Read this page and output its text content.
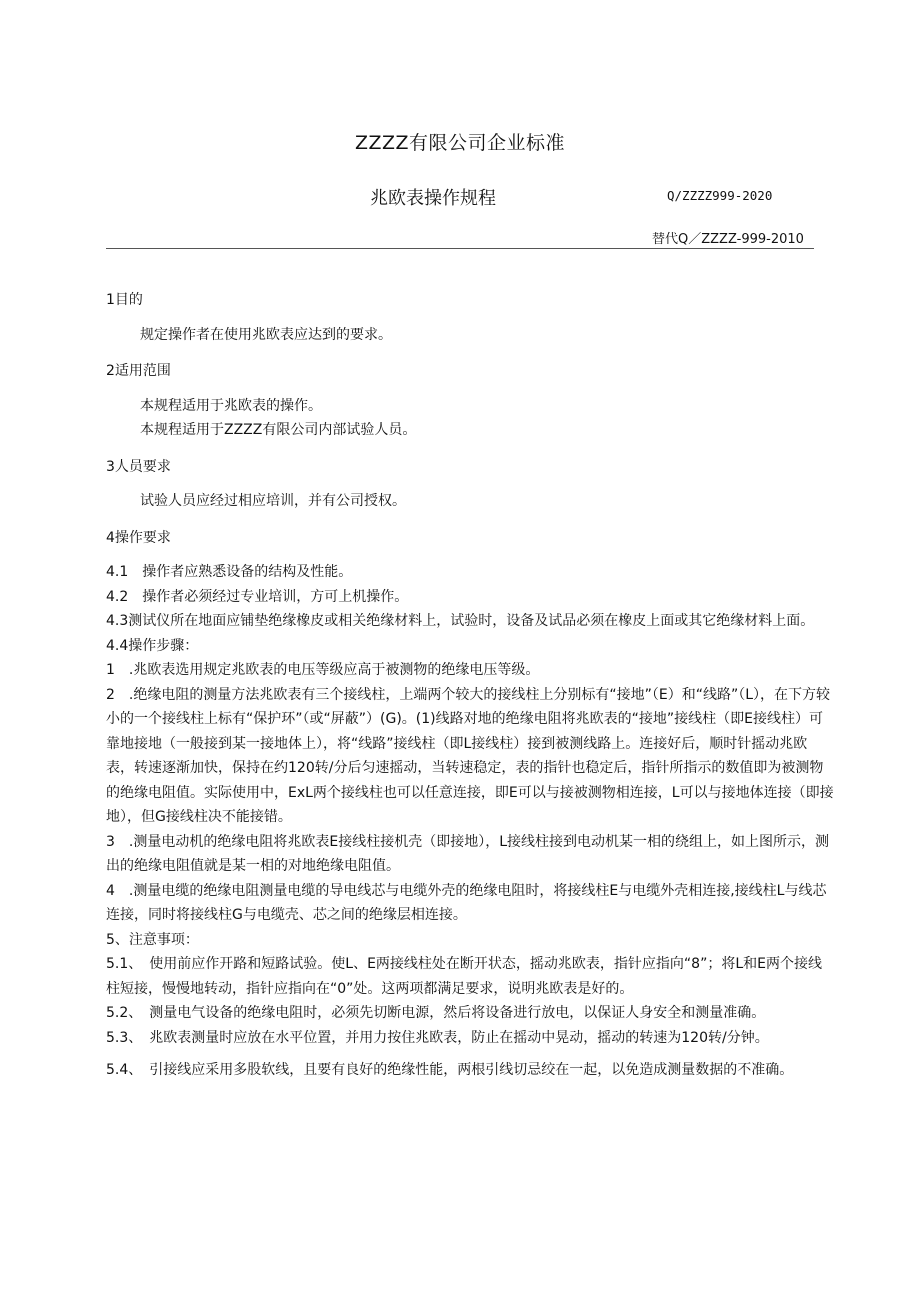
ZZZZ有限公司企业标准
兆欧表操作规程	Q/ZZZZ999-2020
替代Q／ZZZZ-999-2010

1目的

规定操作者在使用兆欧表应达到的要求。

2适用范围

本规程适用于兆欧表的操作。

本规程适用于ZZZZ有限公司内部试验人员。

3人员要求

试验人员应经过相应培训，并有公司授权。

4操作要求

4.1　操作者应熟悉设备的结构及性能。

4.2　操作者必须经过专业培训，方可上机操作。

4.3测试仪所在地面应铺垫绝缘橡皮或相关绝缘材料上，试验时，设备及试品必须在橡皮上面或其它绝缘材料上面。

4.4操作步骤：

1　.兆欧表选用规定兆欧表的电压等级应高于被测物的绝缘电压等级。

2　.绝缘电阻的测量方法兆欧表有三个接线柱，上端两个较大的接线柱上分别标有“接地”（E）和“线路”（L），在下方较小的一个接线柱上标有“保护环”（或“屏蔽”）(G)。(1)线路对地的绝缘电阻将兆欧表的“接地”接线柱（即E接线柱）可靠地接地（一般接到某一接地体上），将“线路”接线柱（即L接线柱）接到被测线路上。连接好后，顺时针摇动兆欧表，转速逐渐加快，保持在约120转/分后匀速摇动，当转速稳定，表的指针也稳定后，指针所指示的数值即为被测物的绝缘电阻值。实际使用中，ExL两个接线柱也可以任意连接，即E可以与接被测物相连接，L可以与接地体连接（即接地），但G接线柱决不能接错。

3　.测量电动机的绝缘电阻将兆欧表E接线柱接机壳（即接地），L接线柱接到电动机某一相的绕组上，如上图所示，测出的绝缘电阻值就是某一相的对地绝缘电阻值。

4　.测量电缆的绝缘电阻测量电缆的导电线芯与电缆外壳的绝缘电阻时，将接线柱E与电缆外壳相连接,接线柱L与线芯连接，同时将接线柱G与电缆壳、芯之间的绝缘层相连接。

5、注意事项：

5.1、　使用前应作开路和短路试验。使L、E两接线柱处在断开状态，摇动兆欧表，指针应指向“8”；将L和E两个接线柱短接，慢慢地转动，指针应指向在“0”处。这两项都满足要求，说明兆欧表是好的。

5.2、　测量电气设备的绝缘电阻时，必须先切断电源，然后将设备进行放电，以保证人身安全和测量准确。

5.3、　兆欧表测量时应放在水平位置，并用力按住兆欧表，防止在摇动中晃动，摇动的转速为120转/分钟。

5.4、　引接线应采用多股软线，且要有良好的绝缘性能，两根引线切忌绞在一起，以免造成测量数据的不准确。
